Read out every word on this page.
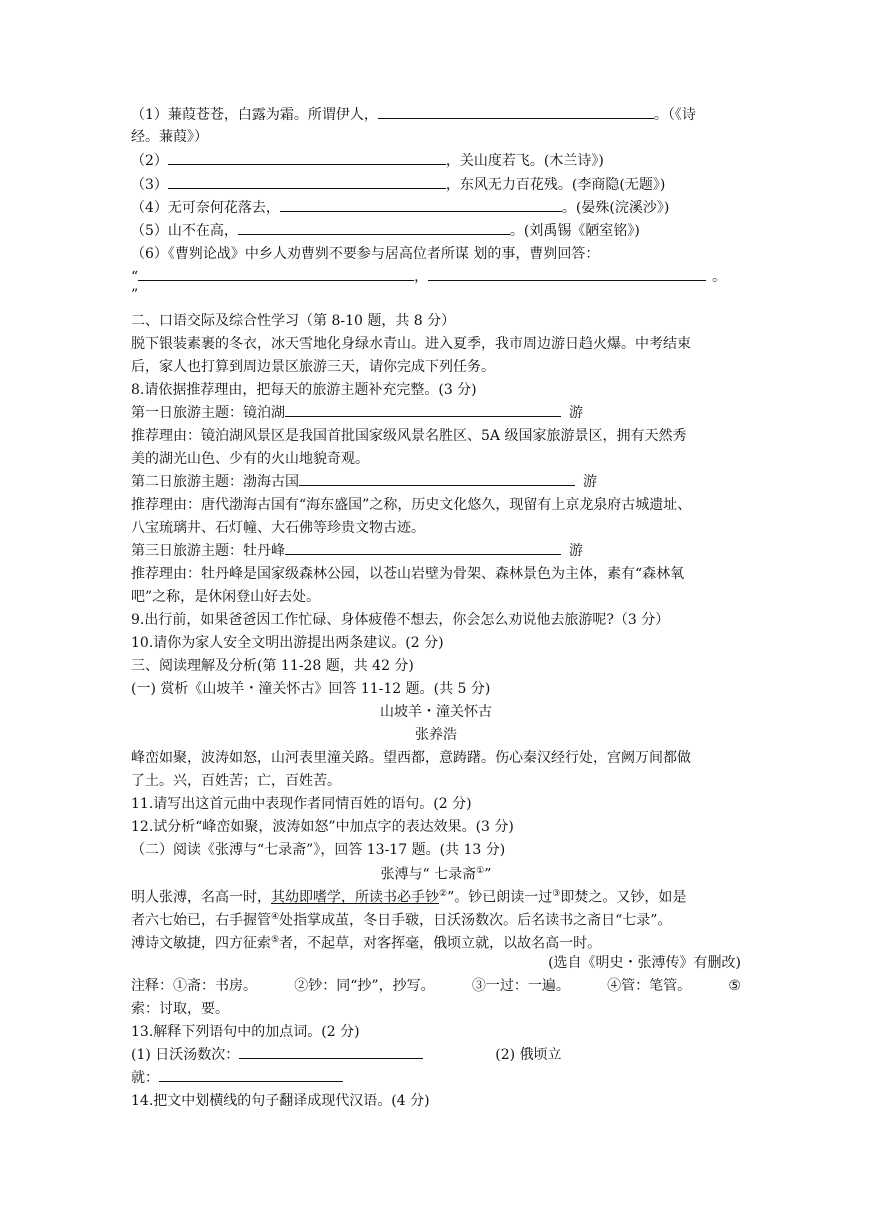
（1）蒹葭苍苍，白露为霜。所谓伊人，	。（《诗
经。蒹葭》）
（2）	，关山度若飞。(木兰诗》)
（3）	，东风无力百花残。(李商隐(无题》)
（4）无可奈何花落去，	。(晏殊(浣溪沙》)
（5）山不在高，	。(刘禹锡《陋室铭》)
（6）《曹刿论战》中乡人劝曹刿不要参与居高位者所谋 划的事，曹刿回答：
“	，	。
”
二、口语交际及综合性学习（第 8-10 题，共 8 分）
脱下银装素裹的冬衣，冰天雪地化身绿水青山。进入夏季，我市周边游日趋火爆。中考结束
后，家人也打算到周边景区旅游三天，请你完成下列任务。
8.请依据推荐理由，把每天的旅游主题补充完整。(3 分)
第一日旅游主题：镜泊湖	游
推荐理由：镜泊湖风景区是我国首批国家级风景名胜区、5A 级国家旅游景区，拥有天然秀
美的湖光山色、少有的火山地貌奇观。
第二日旅游主题：渤海古国	游
推荐理由：唐代渤海古国有“海东盛国”之称，历史文化悠久，现留有上京龙泉府古城遗址、
八宝琉璃井、石灯幢、大石佛等珍贵文物古迹。
第三日旅游主题：牡丹峰	游
推荐理由：牡丹峰是国家级森林公园，以苍山岩壁为骨架、森林景色为主体，素有“森林氧
吧”之称，是休闲登山好去处。
9.出行前，如果爸爸因工作忙碌、身体疲倦不想去，你会怎么劝说他去旅游呢?（3 分）
10.请你为家人安全文明出游提出两条建议。(2 分)
三、阅读理解及分析(第 11-28 题，共 42 分)
(一) 赏析《山坡羊・潼关怀古》回答 11-12 题。(共 5 分)
山坡羊・潼关怀古
张养浩
峰峦如聚，波涛如怒，山河表里潼关路。望西都，意踌躇。伤心秦汉经行处，宫阙万间都做
了土。兴，百姓苦；亡，百姓苦。
11.请写出这首元曲中表现作者同情百姓的语句。(2 分)
12.试分析“峰峦如聚，波涛如怒”中加点字的表达效果。(3 分)
（二）阅读《张溥与“七录斋”》，回答 13-17 题。(共 13 分)
张溥与“ 七录斋①”
明人张溥，名高一时，其幼即嗜学，所读书必手钞②”。钞已朗读一过③即焚之。又钞，如是
者六七始已，右手握管④处指掌成茧，冬日手皲，日沃汤数次。后名读书之斋日“七录”。
溥诗文敏捷，四方征索⑤者，不起草，对客挥毫，俄顷立就，以故名高一时。
(选自《明史・张溥传》有删改)
注释：①斋：书房。	②钞：同“抄”，抄写。	③一过：一遍。	④管：笔管。	⑤
索：讨取，要。
13.解释下列语句中的加点词。(2 分)
(1) 日沃汤数次：	(2) 俄顷立
就：
14.把文中划横线的句子翻译成现代汉语。(4 分)
